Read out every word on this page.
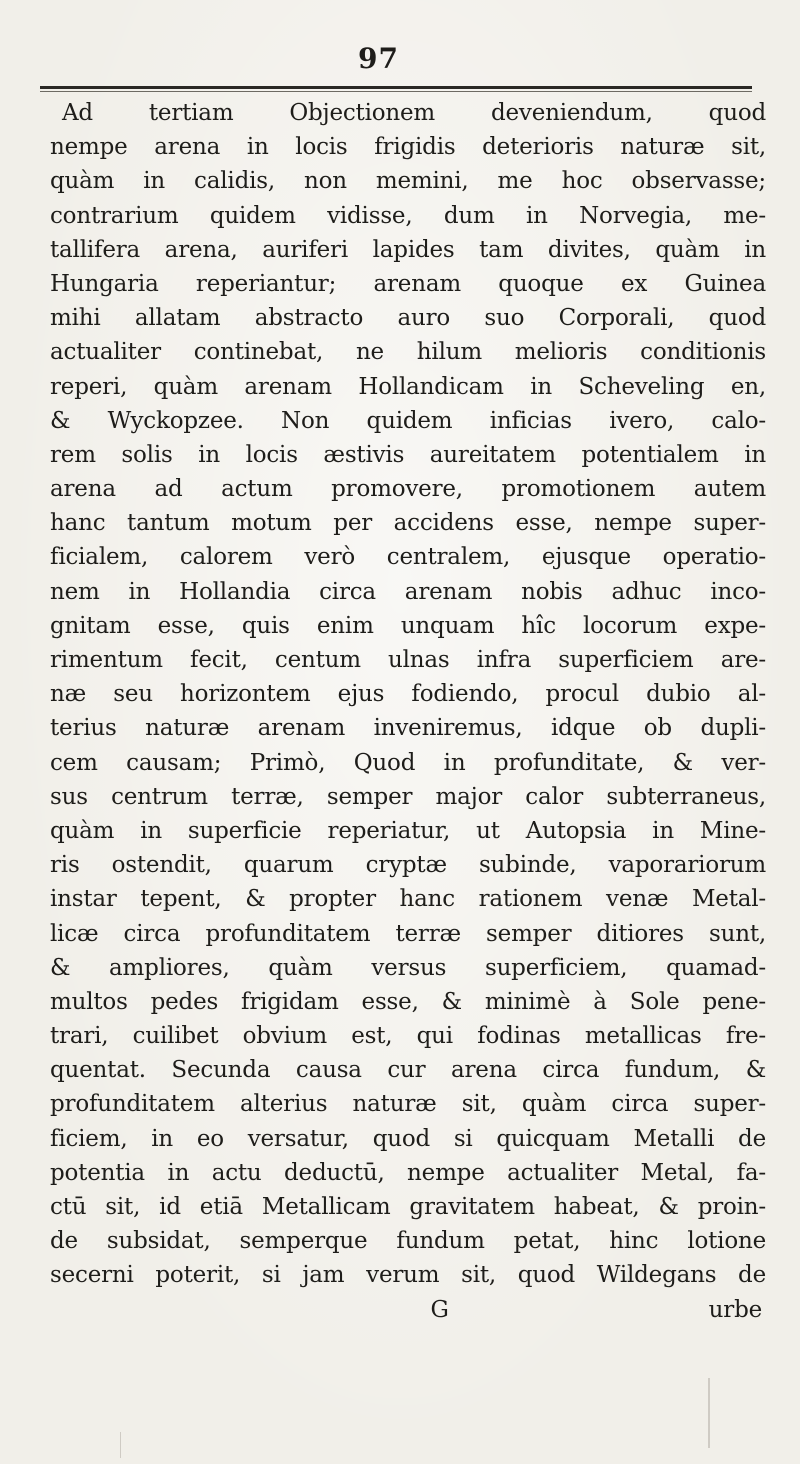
97
Ad tertiam Objectionem deveniendum, quod
nempe arena in locis frigidis deterioris naturæ sit,
quàm in calidis, non memini, me hoc observasse;
contrarium quidem vidisse, dum in Norvegia, me-
tallifera arena, auriferi lapides tam divites, quàm in
Hungaria reperiantur; arenam quoque ex Guinea
mihi allatam abstracto auro suo Corporali, quod
actualiter continebat, ne hilum melioris conditionis
reperi, quàm arenam Hollandicam in Scheveling en,
& Wyckopzee. Non quidem inficias ivero, calo-
rem solis in locis æstivis aureitatem potentialem in
arena ad actum promovere, promotionem autem
hanc tantum motum per accidens esse, nempe super-
ficialem, calorem verò centralem, ejusque operatio-
nem in Hollandia circa arenam nobis adhuc inco-
gnitam esse, quis enim unquam hîc locorum expe-
rimentum fecit, centum ulnas infra superficiem are-
næ seu horizontem ejus fodiendo, procul dubio al-
terius naturæ arenam inveniremus, idque ob dupli-
cem causam; Primò, Quod in profunditate, & ver-
sus centrum terræ, semper major calor subterraneus,
quàm in superficie reperiatur, ut Autopsia in Mine-
ris ostendit, quarum cryptæ subinde, vaporariorum
instar tepent, & propter hanc rationem venæ Metal-
licæ circa profunditatem terræ semper ditiores sunt,
& ampliores, quàm versus superficiem, quamad-
multos pedes frigidam esse, & minimè à Sole pene-
trari, cuilibet obvium est, qui fodinas metallicas fre-
quentat. Secunda causa cur arena circa fundum, &
profunditatem alterius naturæ sit, quàm circa super-
ficiem, in eo versatur, quod si quicquam Metalli de
potentia in actu deductū, nempe actualiter Metal, fa-
ctū sit, id etiā Metallicam gravitatem habeat, & proin-
de subsidat, semperque fundum petat, hinc lotione
secerni poterit, si jam verum sit, quod Wildegans de
G	urbe
